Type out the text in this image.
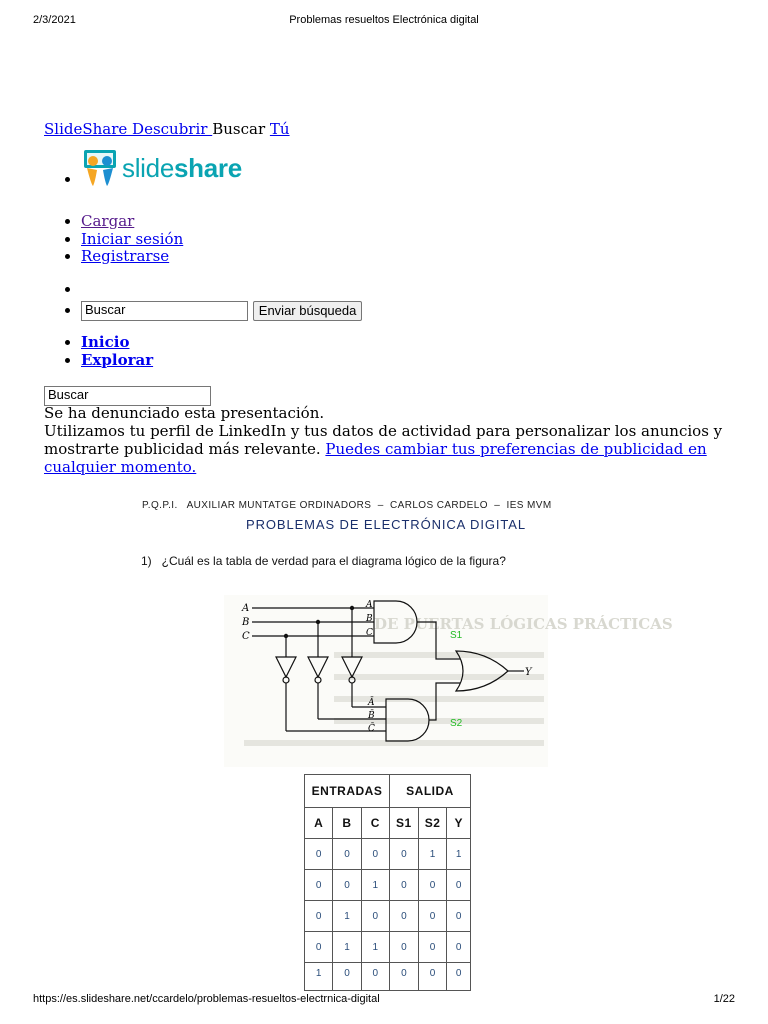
2/3/2021	Problemas resueltos Electrónica digital
SlideShare Descubrir Buscar Tú
• slideshare
• Cargar
• Iniciar sesión
• Registrarse
•
• Buscar	Enviar búsqueda
• Inicio
• Explorar
Buscar
Se ha denunciado esta presentación.
Utilizamos tu perfil de LinkedIn y tus datos de actividad para personalizar los anuncios y mostrarte publicidad más relevante. Puedes cambiar tus preferencias de publicidad en cualquier momento.
P.Q.P.I.   AUXILIAR MUNTATGE ORDINADORS  –  CARLOS CARDELO  –  IES MVM
PROBLEMAS DE ELECTRÓNICA DIGITAL
1)   ¿Cuál es la tabla de verdad para el diagrama lógico de la figura?
DE PUERTAS LÓGICAS PRÁCTICAS
A
B
C
A
B
C
Ā
B̄
C̄
S1
S2
Y
ENTRADAS			SALIDA		
A	B	C	S1	S2	Y
0	0	0	0	1	1
0	0	1	0	0	0
0	1	0	0	0	0
0	1	1	0	0	0
1	0	0	0	0	0
https://es.slideshare.net/ccardelo/problemas-resueltos-electrnica-digital	1/22
